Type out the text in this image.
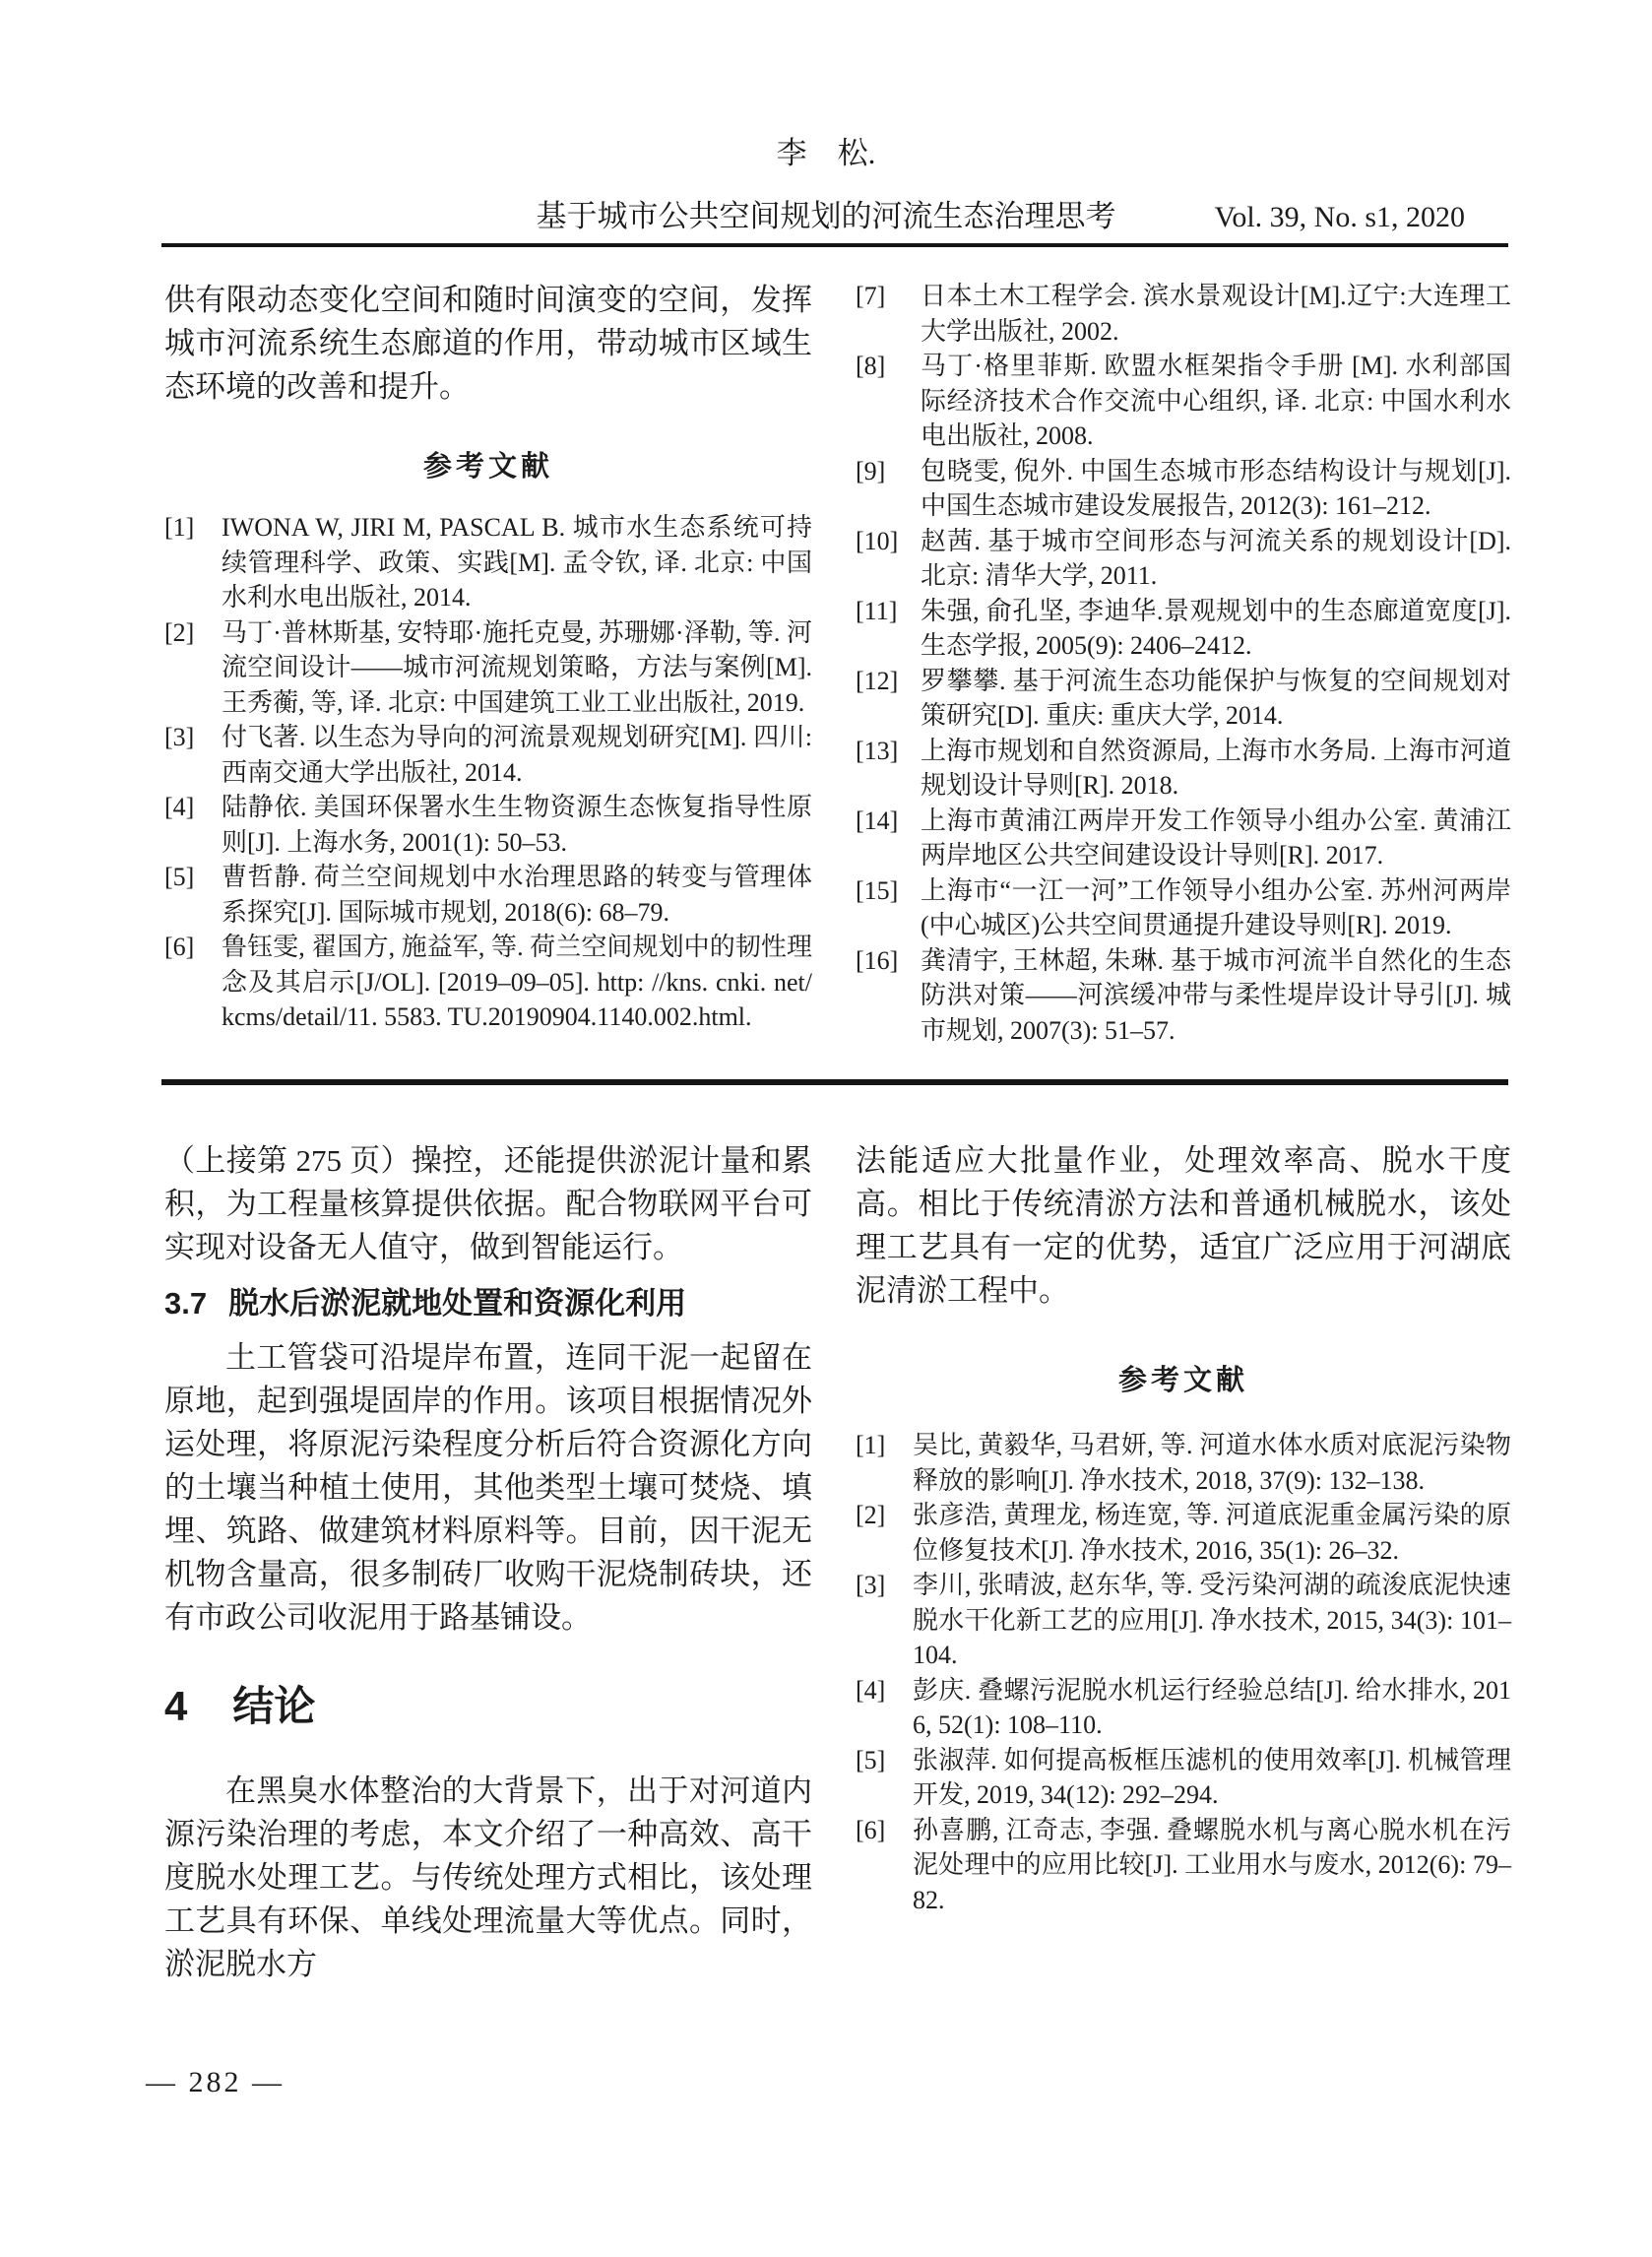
李　松.
基于城市公共空间规划的河流生态治理思考	Vol. 39, No. s1, 2020

供有限动态变化空间和随时间演变的空间，发挥城市河流系统生态廊道的作用，带动城市区域生态环境的改善和提升。

参考文献
[1]	IWONA W, JIRI M, PASCAL B. 城市水生态系统可持续管理科学、政策、实践[M]. 孟令钦, 译. 北京: 中国水利水电出版社, 2014.
[2]	马丁·普林斯基, 安特耶·施托克曼, 苏珊娜·泽勒, 等. 河流空间设计——城市河流规划策略，方法与案例[M]. 王秀蘅, 等, 译. 北京: 中国建筑工业工业出版社, 2019.
[3]	付飞著. 以生态为导向的河流景观规划研究[M]. 四川: 西南交通大学出版社, 2014.
[4]	陆静依. 美国环保署水生生物资源生态恢复指导性原则[J]. 上海水务, 2001(1): 50–53.
[5]	曹哲静. 荷兰空间规划中水治理思路的转变与管理体系探究[J]. 国际城市规划, 2018(6): 68–79.
[6]	鲁钰雯, 翟国方, 施益军, 等. 荷兰空间规划中的韧性理念及其启示[J/OL]. [2019–09–05]. http: //kns. cnki. net/kcms/detail/11. 5583. TU.20190904.1140.002.html.
[7]	日本土木工程学会. 滨水景观设计[M].辽宁:大连理工大学出版社, 2002.
[8]	马丁·格里菲斯. 欧盟水框架指令手册 [M]. 水利部国际经济技术合作交流中心组织, 译. 北京: 中国水利水电出版社, 2008.
[9]	包晓雯, 倪外. 中国生态城市形态结构设计与规划[J]. 中国生态城市建设发展报告, 2012(3): 161–212.
[10] 赵茜. 基于城市空间形态与河流关系的规划设计[D]. 北京: 清华大学, 2011.
[11] 朱强, 俞孔坚, 李迪华.景观规划中的生态廊道宽度[J]. 生态学报, 2005(9): 2406–2412.
[12] 罗攀攀. 基于河流生态功能保护与恢复的空间规划对策研究[D]. 重庆: 重庆大学, 2014.
[13] 上海市规划和自然资源局, 上海市水务局. 上海市河道规划设计导则[R]. 2018.
[14] 上海市黄浦江两岸开发工作领导小组办公室. 黄浦江两岸地区公共空间建设设计导则[R]. 2017.
[15] 上海市“一江一河”工作领导小组办公室. 苏州河两岸(中心城区)公共空间贯通提升建设导则[R]. 2019.
[16] 龚清宇, 王林超, 朱琳. 基于城市河流半自然化的生态防洪对策——河滨缓冲带与柔性堤岸设计导引[J]. 城市规划, 2007(3): 51–57.

（上接第 275 页）操控，还能提供淤泥计量和累积，为工程量核算提供依据。配合物联网平台可实现对设备无人值守，做到智能运行。

3.7 脱水后淤泥就地处置和资源化利用

土工管袋可沿堤岸布置，连同干泥一起留在原地，起到强堤固岸的作用。该项目根据情况外运处理，将原泥污染程度分析后符合资源化方向的土壤当种植土使用，其他类型土壤可焚烧、填埋、筑路、做建筑材料原料等。目前，因干泥无机物含量高，很多制砖厂收购干泥烧制砖块，还有市政公司收泥用于路基铺设。

4 结论

在黑臭水体整治的大背景下，出于对河道内源污染治理的考虑，本文介绍了一种高效、高干度脱水处理工艺。与传统处理方式相比，该处理工艺具有环保、单线处理流量大等优点。同时，淤泥脱水方

法能适应大批量作业，处理效率高、脱水干度高。相比于传统清淤方法和普通机械脱水，该处理工艺具有一定的优势，适宜广泛应用于河湖底泥清淤工程中。

参考文献
[1]	吴比, 黄毅华, 马君妍, 等. 河道水体水质对底泥污染物释放的影响[J]. 净水技术, 2018, 37(9): 132–138.
[2]	张彦浩, 黄理龙, 杨连宽, 等. 河道底泥重金属污染的原位修复技术[J]. 净水技术, 2016, 35(1): 26–32.
[3]	李川, 张晴波, 赵东华, 等. 受污染河湖的疏浚底泥快速脱水干化新工艺的应用[J]. 净水技术, 2015, 34(3): 101–104.
[4]	彭庆. 叠螺污泥脱水机运行经验总结[J]. 给水排水, 2016, 52(1): 108–110.
[5]	张淑萍. 如何提高板框压滤机的使用效率[J]. 机械管理开发, 2019, 34(12): 292–294.
[6]	孙喜鹏, 江奇志, 李强. 叠螺脱水机与离心脱水机在污泥处理中的应用比较[J]. 工业用水与废水, 2012(6): 79–82.
— 282 —
